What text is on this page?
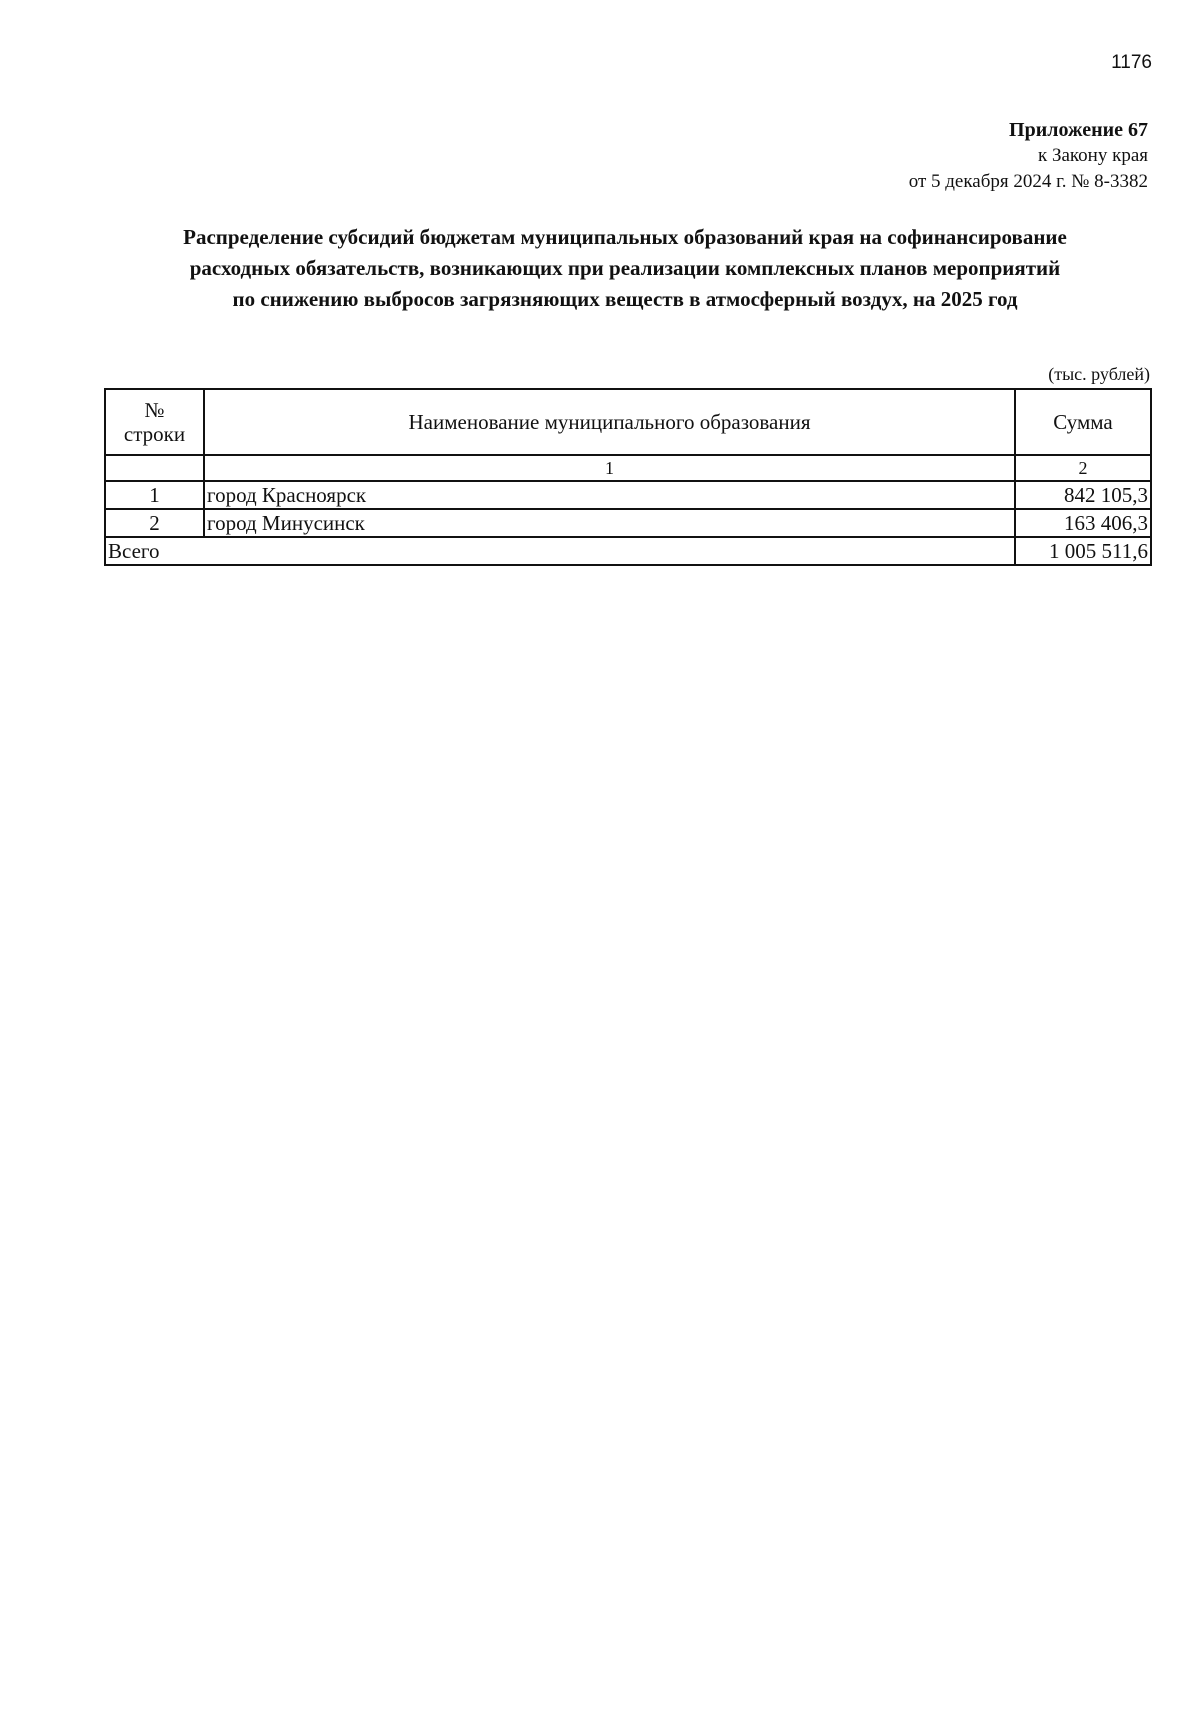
1176
Приложение 67
к Закону края
от 5 декабря 2024 г. № 8-3382
Распределение субсидий бюджетам муниципальных образований края на софинансирование
расходных обязательств, возникающих при реализации комплексных планов мероприятий
по снижению выбросов загрязняющих веществ в атмосферный воздух, на 2025 год
(тыс. рублей)
№
строки	Наименование муниципального образования	Сумма
	1	2
1	город Красноярск	842 105,3
2	город Минусинск	163 406,3
Всего		1 005 511,6
